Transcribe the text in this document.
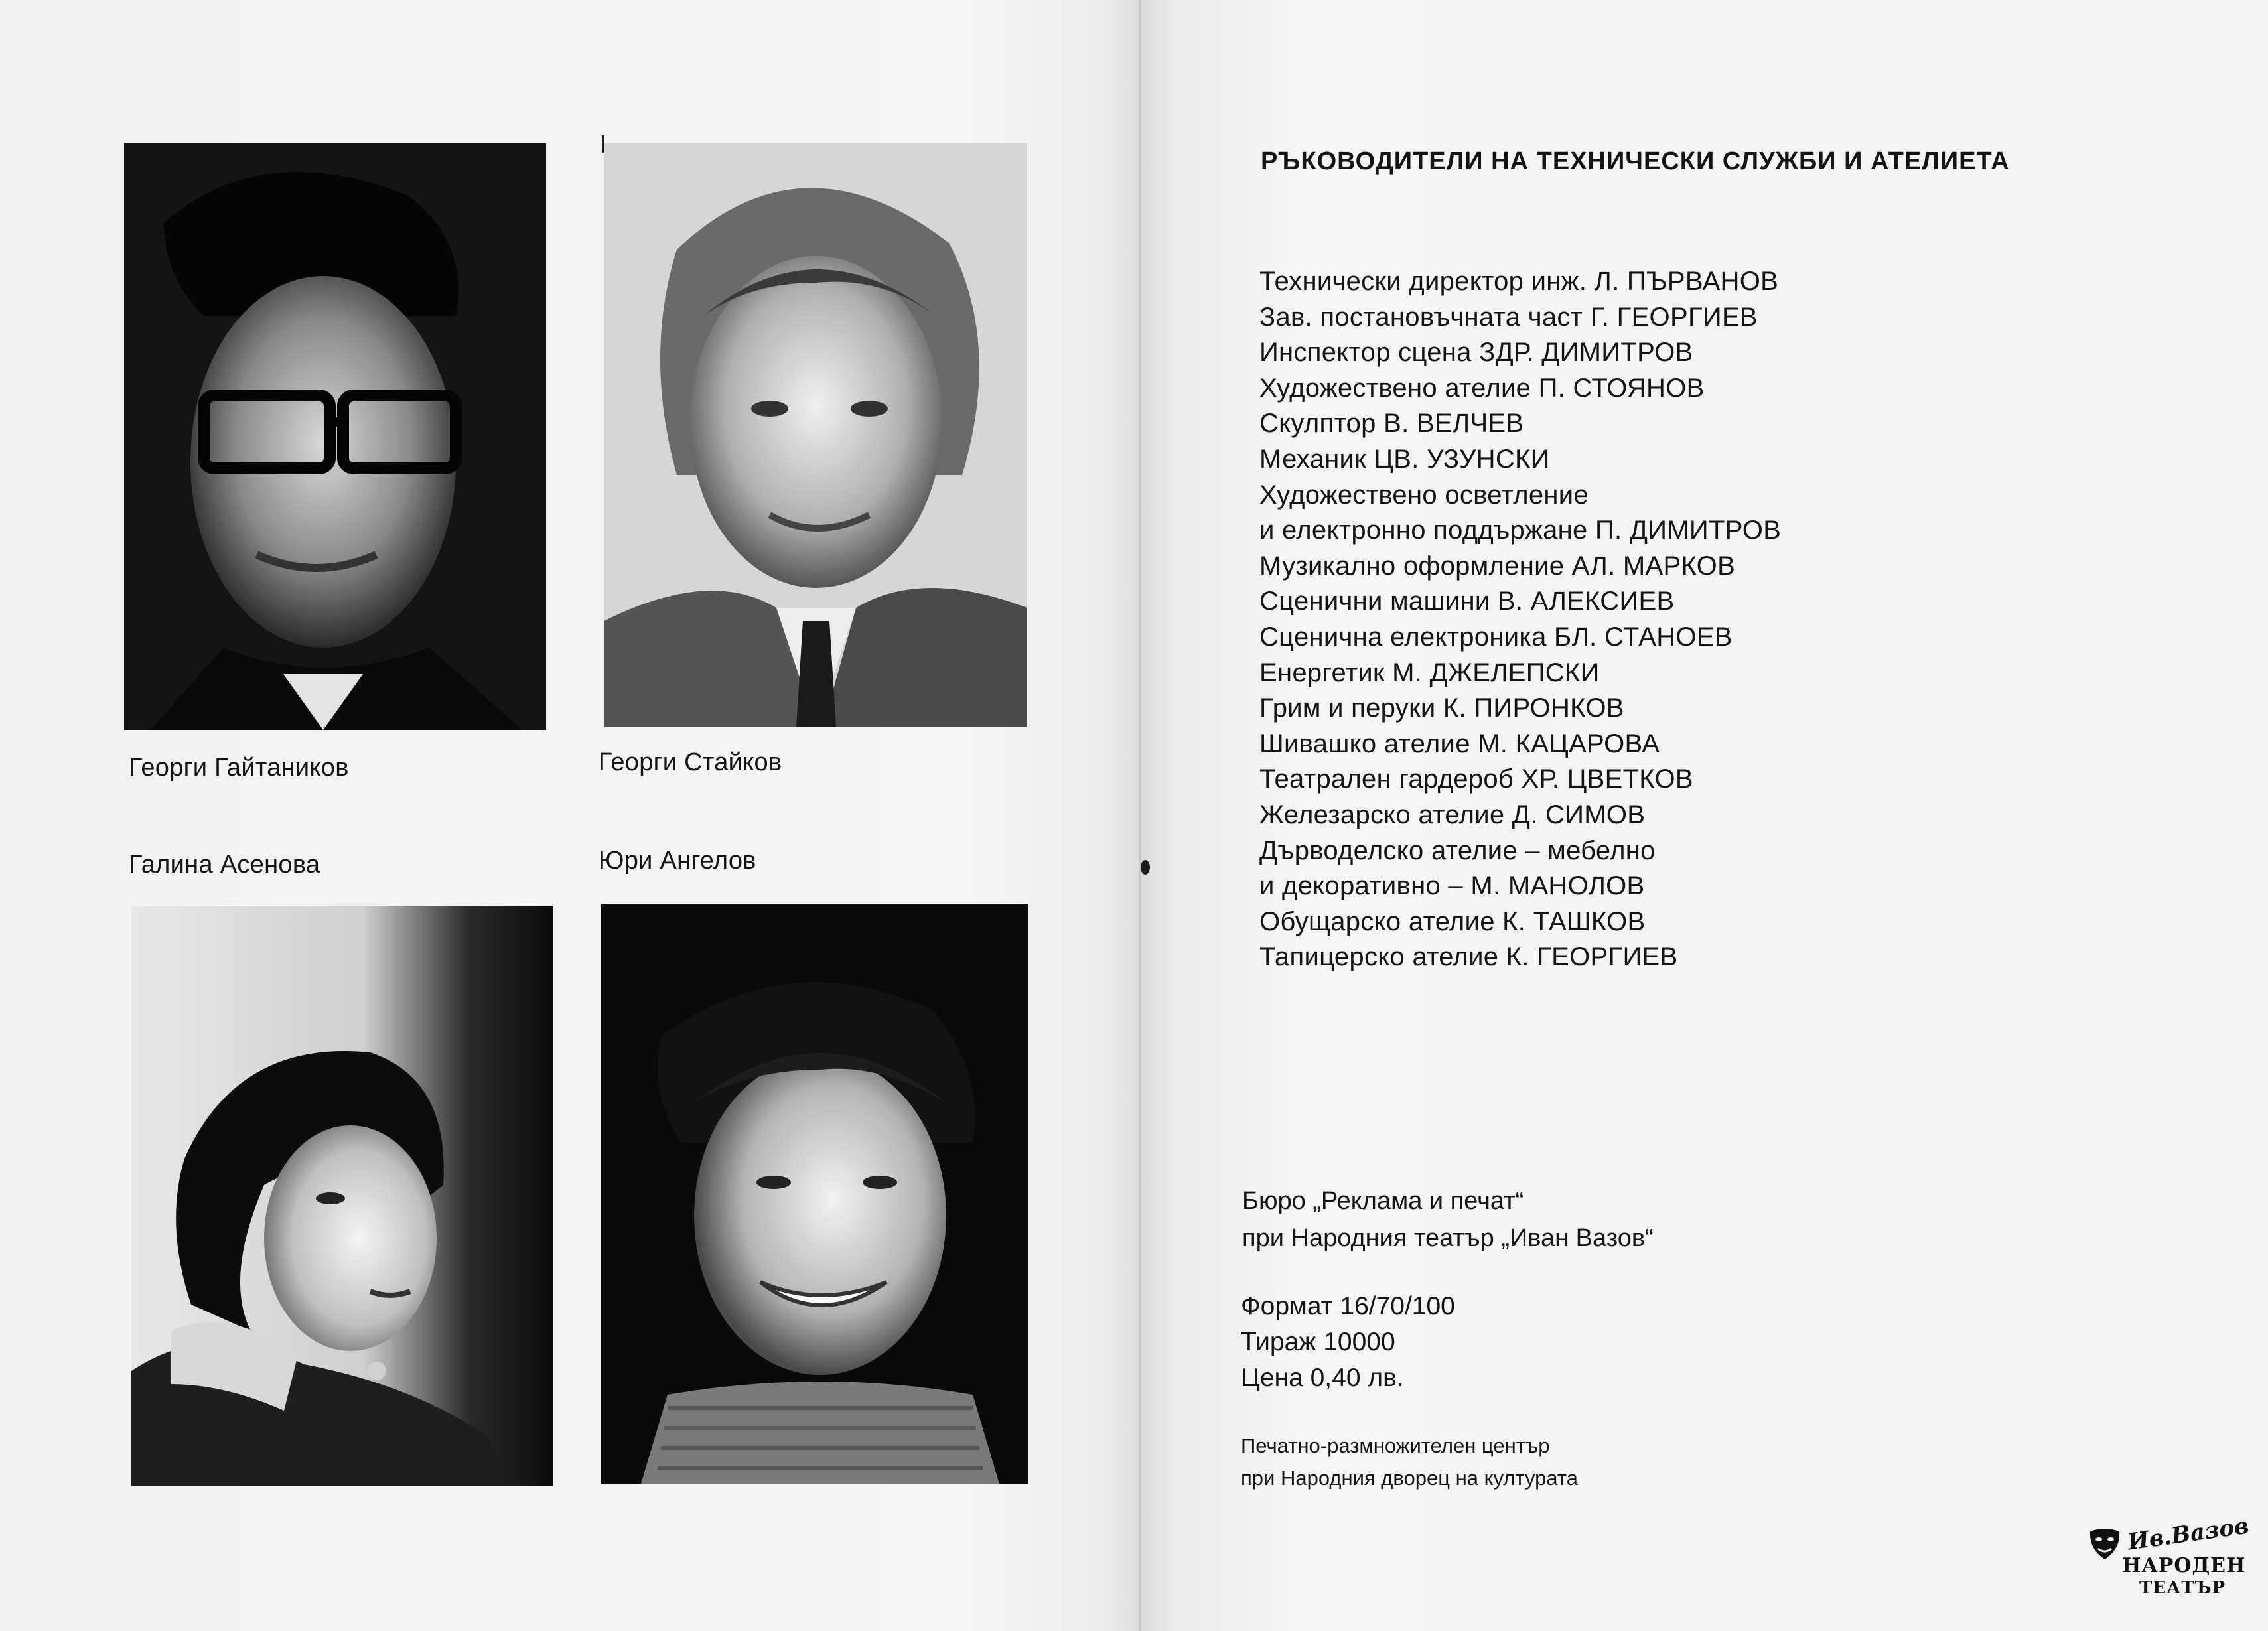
Георги Гайтаников	Георги Стайков
Галина Асенова	Юри Ангелов
РЪКОВОДИТЕЛИ НА ТЕХНИЧЕСКИ СЛУЖБИ И АТЕЛИЕТА
Технически директор инж. Л. ПЪРВАНОВ
Зав. постановъчната част Г. ГЕОРГИЕВ
Инспектор сцена ЗДР. ДИМИТРОВ
Художествено ателие П. СТОЯНОВ
Скулптор В. ВЕЛЧЕВ
Механик ЦВ. УЗУНСКИ
Художествено осветление
и електронно поддържане П. ДИМИТРОВ
Музикално оформление АЛ. МАРКОВ
Сценични машини В. АЛЕКСИЕВ
Сценична електроника БЛ. СТАНОЕВ
Енергетик М. ДЖЕЛЕПСКИ
Грим и перуки К. ПИРОНКОВ
Шивашко ателие М. КАЦАРОВА
Театрален гардероб ХР. ЦВЕТКОВ
Железарско ателие Д. СИМОВ
Дърводелско ателие – мебелно
и декоративно – М. МАНОЛОВ
Обущарско ателие К. ТАШКОВ
Тапицерско ателие К. ГЕОРГИЕВ
Бюро „Реклама и печат“
при Народния театър „Иван Вазов“
Формат 16/70/100
Тираж 10000
Цена 0,40 лв.
Печатно-размножителен център
при Народния дворец на културата
Ив.Вазов
НАРОДЕН
ТЕАТЪР
